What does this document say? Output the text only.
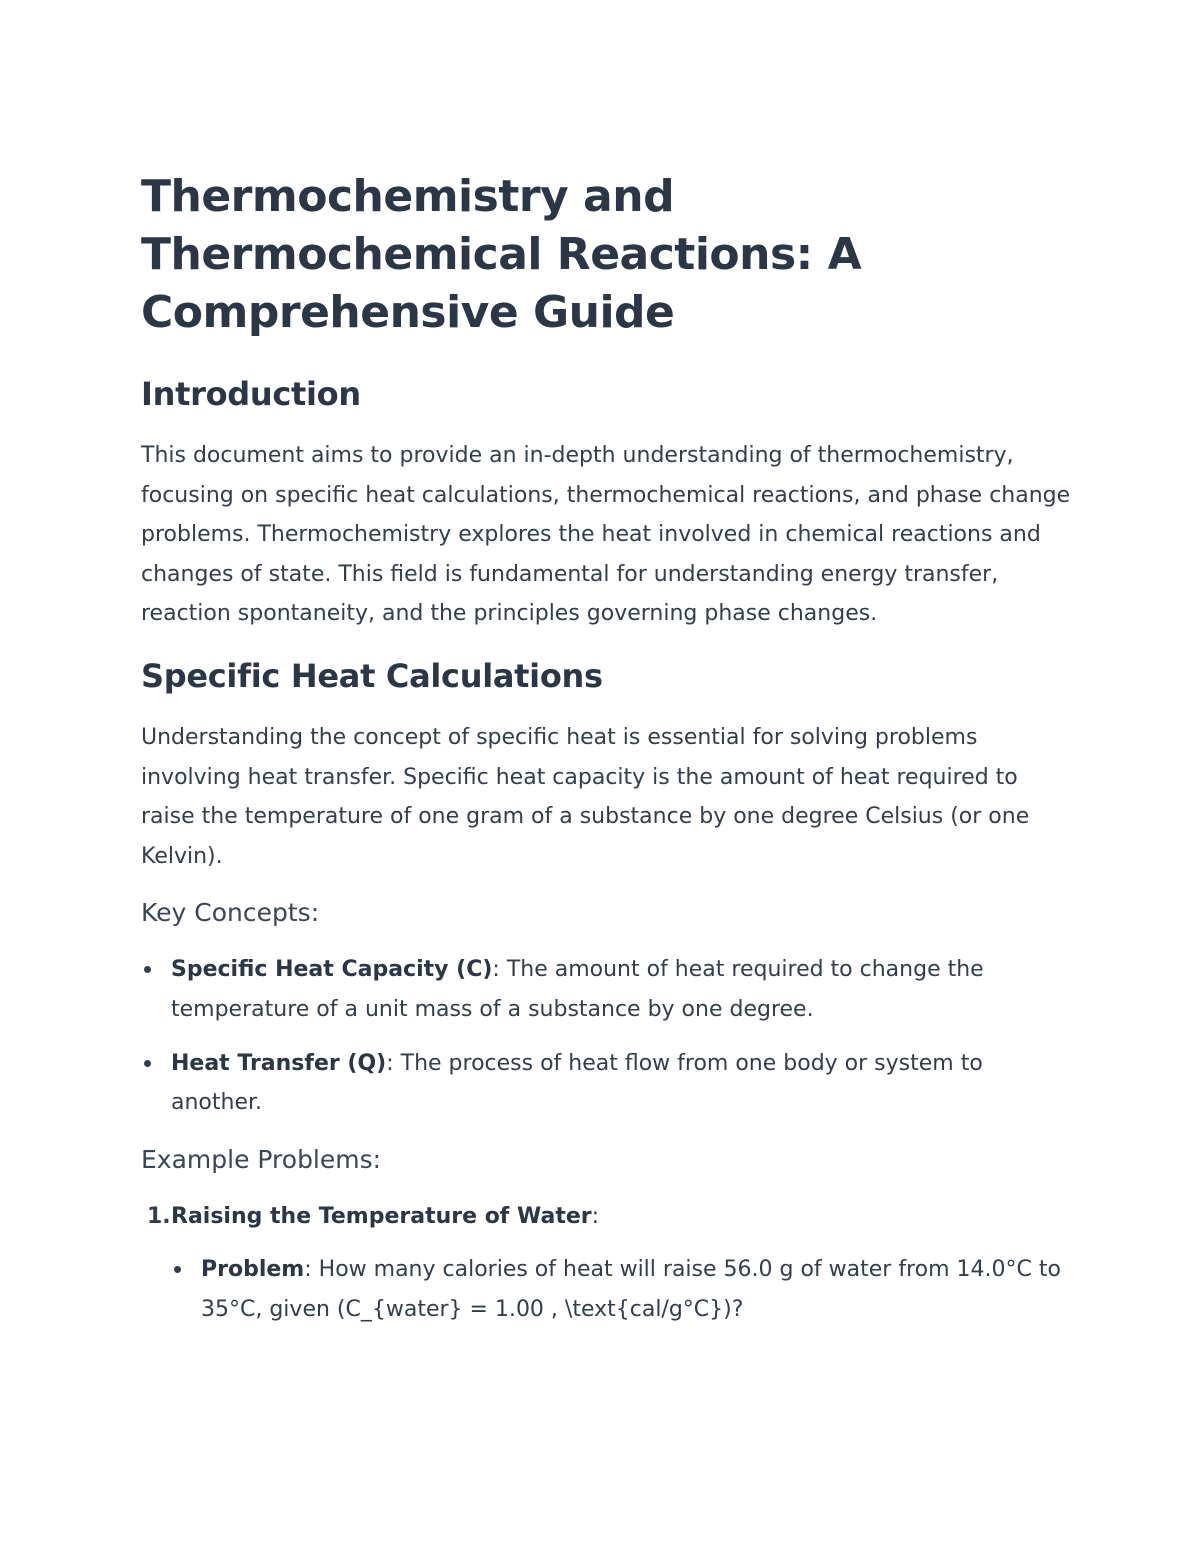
Thermochemistry and Thermochemical Reactions: A Comprehensive Guide
Introduction

This document aims to provide an in-depth understanding of thermochemistry, focusing on specific heat calculations, thermochemical reactions, and phase change problems. Thermochemistry explores the heat involved in chemical reactions and changes of state. This field is fundamental for understanding energy transfer, reaction spontaneity, and the principles governing phase changes.

Specific Heat Calculations

Understanding the concept of specific heat is essential for solving problems involving heat transfer. Specific heat capacity is the amount of heat required to raise the temperature of one gram of a substance by one degree Celsius (or one Kelvin).

Key Concepts:
Specific Heat Capacity (C): The amount of heat required to change the temperature of a unit mass of a substance by one degree.
Heat Transfer (Q): The process of heat flow from one body or system to another.
Example Problems:
1. Raising the Temperature of Water:
Problem: How many calories of heat will raise 56.0 g of water from 14.0°C to 35°C, given (C_{water} = 1.00 , \text{cal/g°C})?
